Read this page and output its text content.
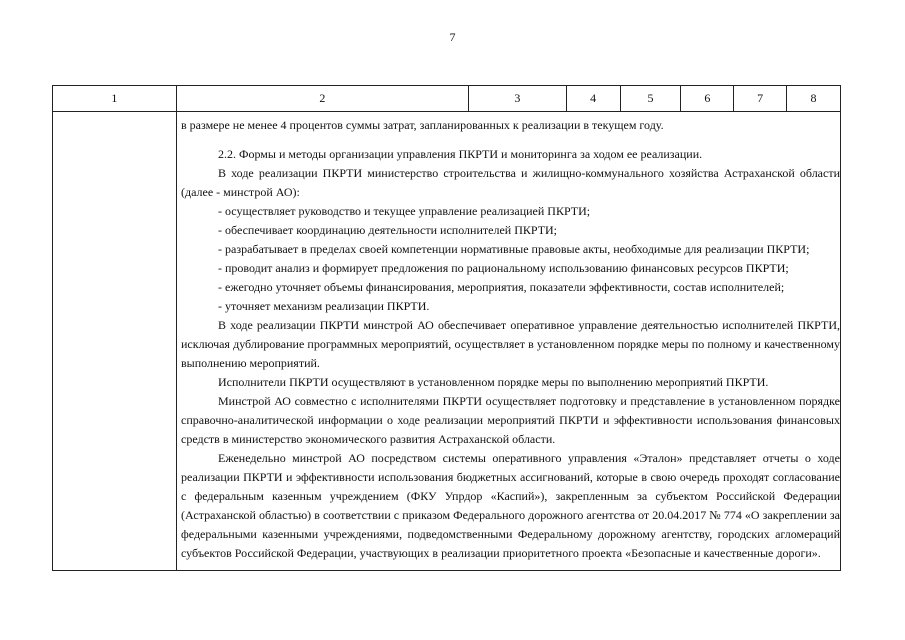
7
1	2	3	4	5	6	7	8

в размере не менее 4 процентов суммы затрат, запланированных к реализации в текущем году.

2.2. Формы и методы организации управления ПКРТИ и мониторинга за ходом ее реализации.

В ходе реализации ПКРТИ министерство строительства и жилищно-коммунального хозяйства Астраханской области (далее - минстрой АО):

- осуществляет руководство и текущее управление реализацией ПКРТИ;

- обеспечивает координацию деятельности исполнителей ПКРТИ;

- разрабатывает в пределах своей компетенции нормативные правовые акты, необходимые для реализации ПКРТИ;

- проводит анализ и формирует предложения по рациональному использованию финансовых ресурсов ПКРТИ;

- ежегодно уточняет объемы финансирования, мероприятия, показатели эффективности, состав исполнителей;

- уточняет механизм реализации ПКРТИ.

В ходе реализации ПКРТИ минстрой АО обеспечивает оперативное управление деятельностью исполнителей ПКРТИ, исключая дублирование программных мероприятий, осуществляет в установленном порядке меры по полному и качественному выполнению мероприятий.

Исполнители ПКРТИ осуществляют в установленном порядке меры по выполнению мероприятий ПКРТИ.

Минстрой АО совместно с исполнителями ПКРТИ осуществляет подготовку и представление в установленном порядке справочно-аналитической информации о ходе реализации мероприятий ПКРТИ и эффективности использования финансовых средств в министерство экономического развития Астраханской области.

Еженедельно минстрой АО посредством системы оперативного управления «Эталон» представляет отчеты о ходе реализации ПКРТИ и эффективности использования бюджетных ассигнований, которые в свою очередь проходят согласование с федеральным казенным учреждением (ФКУ Упрдор «Каспий»), закрепленным за субъектом Российской Федерации (Астраханской областью) в соответствии с приказом Федерального дорожного агентства от 20.04.2017 № 774 «О закреплении за федеральными казенными учреждениями, подведомственными Федеральному дорожному агентству, городских агломераций субъектов Российской Федерации, участвующих в реализации приоритетного проекта «Безопасные и качественные дороги».
